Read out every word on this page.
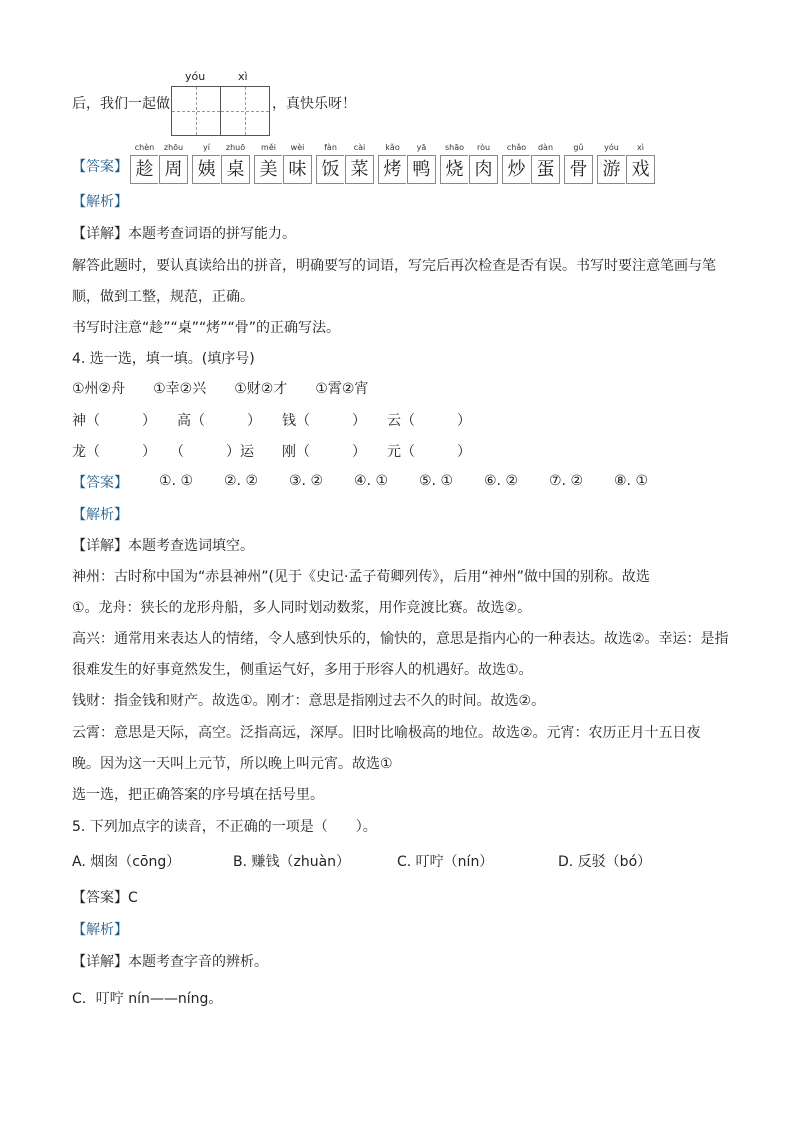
后，我们一起做
yóu	xì
，真快乐呀！
【答案】
chèn
趁
zhōu
周
yí
姨
zhuō
桌
měi
美
wèi
味
fàn
饭
cài
菜
kǎo
烤
yā
鸭
shāo
烧
ròu
肉
chǎo
炒
dàn
蛋
gǔ
骨
yóu
游
xì
戏
【解析】
【详解】本题考查词语的拼写能力。
解答此题时，要认真读给出的拼音，明确要写的词语，写完后再次检查是否有误。书写时要注意笔画与笔
顺，做到工整，规范，正确。
书写时注意“趁”“桌”“烤”“骨”的正确写法。
4. 选一选，填一填。(填序号)
①州②舟　　①幸②兴　　①财②才　　①霄②宵
神（　　　）　　高（　　　）　　钱（　　　）　　云（　　　）
龙（　　　）　　（　　　）运　　刚（　　　）　　元（　　　）
【答案】 ①. ①	②. ②	③. ②	④. ①	⑤. ①	⑥. ②	⑦. ②	⑧. ①
【解析】
【详解】本题考查选词填空。
神州：古时称中国为“赤县神州”(见于《史记·孟子荀卿列传》，后用“神州”做中国的别称。故选
①。龙舟：狭长的龙形舟船，多人同时划动数浆，用作竞渡比赛。故选②。
高兴：通常用来表达人的情绪，令人感到快乐的，愉快的，意思是指内心的一种表达。故选②。幸运：是指
很难发生的好事竟然发生，侧重运气好，多用于形容人的机遇好。故选①。
钱财：指金钱和财产。故选①。刚才：意思是指刚过去不久的时间。故选②。
云霄：意思是天际，高空。泛指高远，深厚。旧时比喻极高的地位。故选②。元宵：农历正月十五日夜
晚。因为这一天叫上元节，所以晚上叫元宵。故选①
选一选，把正确答案的序号填在括号里。
5. 下列加点字的读音，不正确的一项是（　　）。
A. 烟囱（cōng）	B. 赚钱（zhuàn）	C. 叮咛（nín）	D. 反驳（bó）
【答案】C
【解析】
【详解】本题考查字音的辨析。
C．叮咛 nín——níng。
